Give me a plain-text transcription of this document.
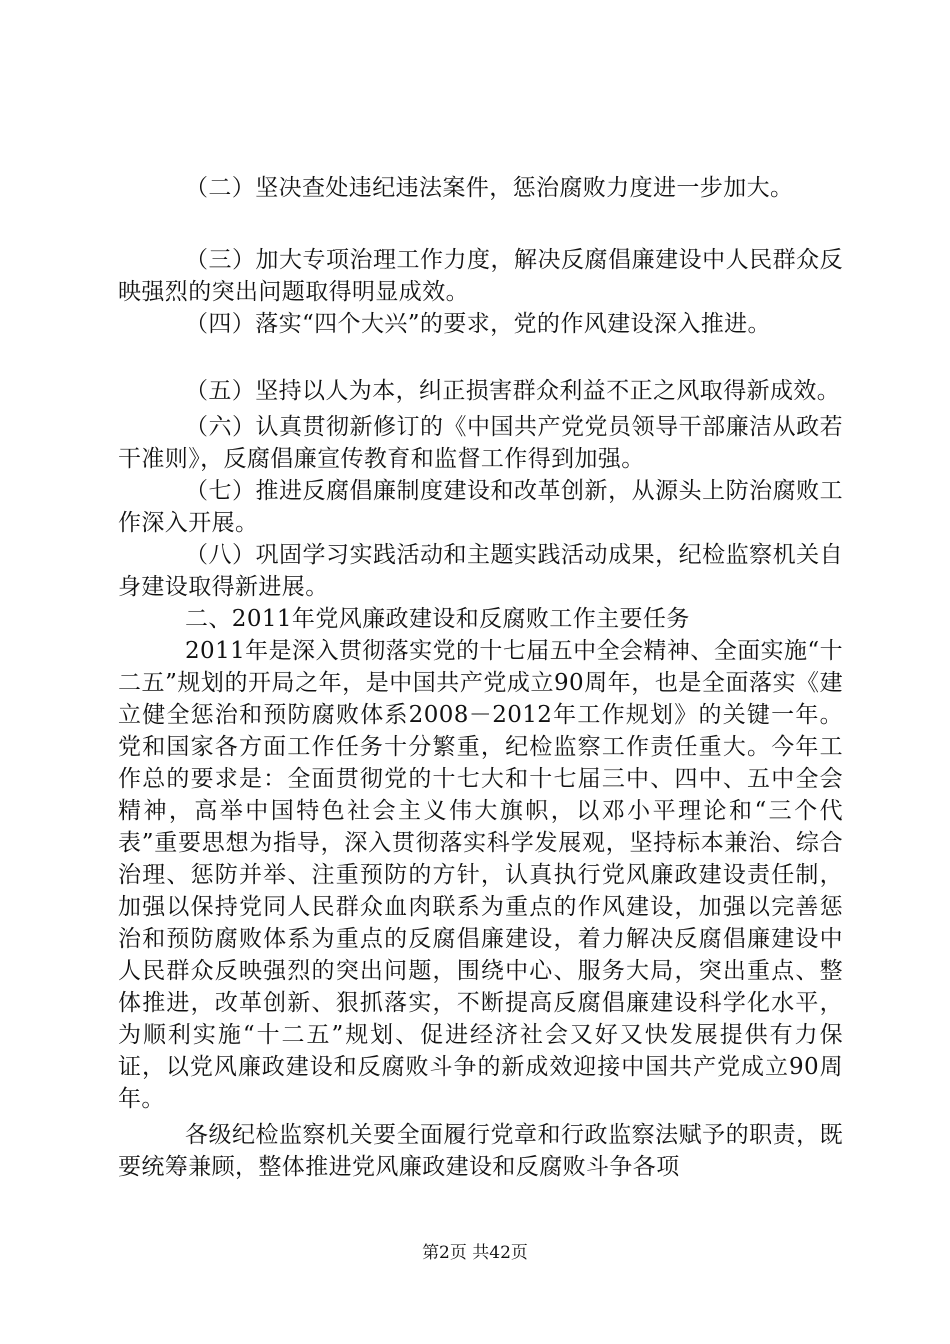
（二）坚决查处违纪违法案件，惩治腐败力度进一步加大。

（三）加大专项治理工作力度，解决反腐倡廉建设中人民群众反映强烈的突出问题取得明显成效。

（四）落实“四个大兴”的要求，党的作风建设深入推进。

（五）坚持以人为本，纠正损害群众利益不正之风取得新成效。

（六）认真贯彻新修订的《中国共产党党员领导干部廉洁从政若干准则》，反腐倡廉宣传教育和监督工作得到加强。

（七）推进反腐倡廉制度建设和改革创新，从源头上防治腐败工作深入开展。

（八）巩固学习实践活动和主题实践活动成果，纪检监察机关自身建设取得新进展。

二、2011年党风廉政建设和反腐败工作主要任务

2011年是深入贯彻落实党的十七届五中全会精神、全面实施“十二五”规划的开局之年，是中国共产党成立90周年，也是全面落实《建立健全惩治和预防腐败体系2008－2012年工作规划》的关键一年。党和国家各方面工作任务十分繁重，纪检监察工作责任重大。今年工作总的要求是：全面贯彻党的十七大和十七届三中、四中、五中全会精神，高举中国特色社会主义伟大旗帜，以邓小平理论和“三个代表”重要思想为指导，深入贯彻落实科学发展观，坚持标本兼治、综合治理、惩防并举、注重预防的方针，认真执行党风廉政建设责任制，加强以保持党同人民群众血肉联系为重点的作风建设，加强以完善惩治和预防腐败体系为重点的反腐倡廉建设，着力解决反腐倡廉建设中人民群众反映强烈的突出问题，围绕中心、服务大局，突出重点、整体推进，改革创新、狠抓落实，不断提高反腐倡廉建设科学化水平，为顺利实施“十二五”规划、促进经济社会又好又快发展提供有力保证，以党风廉政建设和反腐败斗争的新成效迎接中国共产党成立90周年。

各级纪检监察机关要全面履行党章和行政监察法赋予的职责，既要统筹兼顾，整体推进党风廉政建设和反腐败斗争各项

第2页 共42页
